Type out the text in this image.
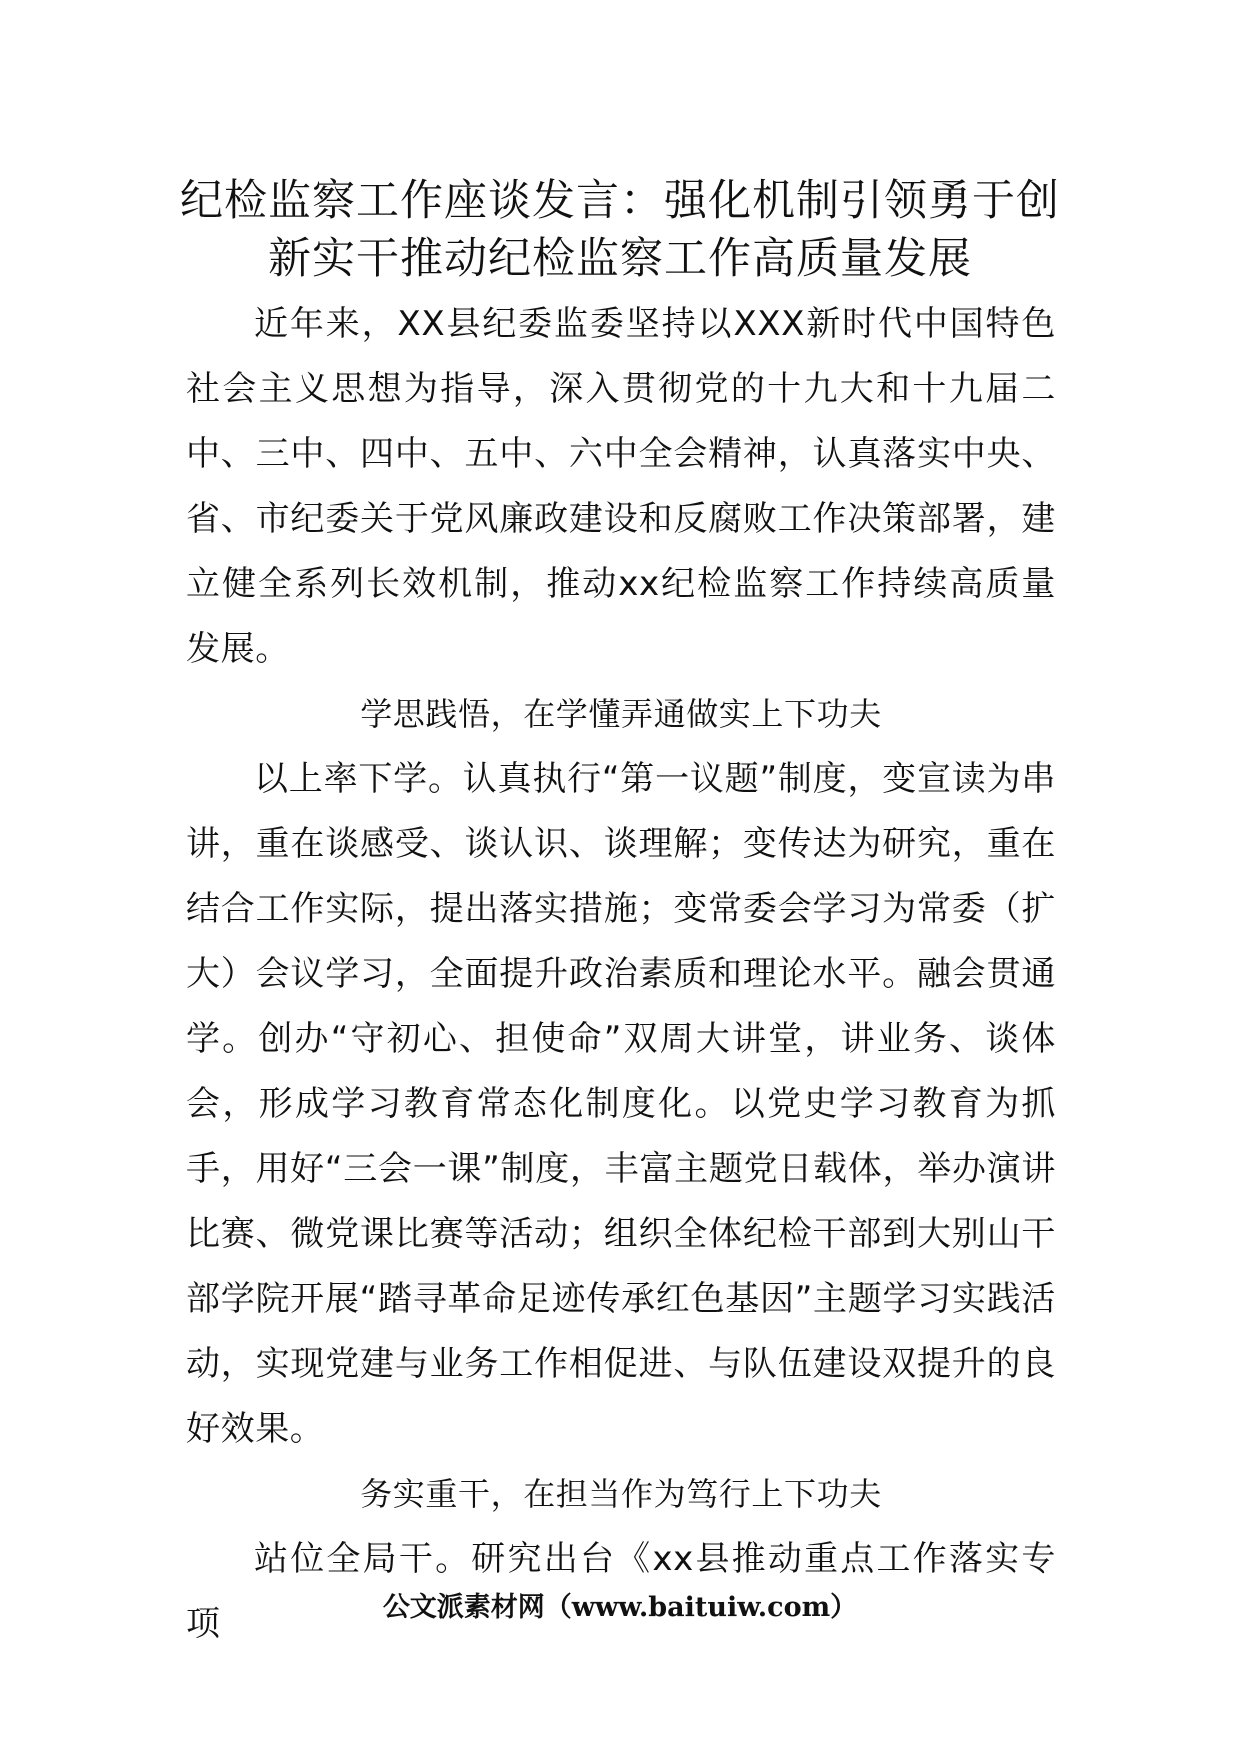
纪检监察工作座谈发言：强化机制引领勇于创新实干推动纪检监察工作高质量发展

近年来，XX县纪委监委坚持以XXX新时代中国特色社会主义思想为指导，深入贯彻党的十九大和十九届二中、三中、四中、五中、六中全会精神，认真落实中央、省、市纪委关于党风廉政建设和反腐败工作决策部署，建立健全系列长效机制，推动xx纪检监察工作持续高质量发展。

学思践悟，在学懂弄通做实上下功夫

以上率下学。认真执行“第一议题”制度，变宣读为串讲，重在谈感受、谈认识、谈理解；变传达为研究，重在结合工作实际，提出落实措施；变常委会学习为常委（扩大）会议学习，全面提升政治素质和理论水平。融会贯通学。创办“守初心、担使命”双周大讲堂，讲业务、谈体会，形成学习教育常态化制度化。以党史学习教育为抓手，用好“三会一课”制度，丰富主题党日载体，举办演讲比赛、微党课比赛等活动；组织全体纪检干部到大别山干部学院开展“踏寻革命足迹传承红色基因”主题学习实践活动，实现党建与业务工作相促进、与队伍建设双提升的良好效果。

务实重干，在担当作为笃行上下功夫

站位全局干。研究出台《xx县推动重点工作落实专项	公文派素材网（www.baituiw.com）
